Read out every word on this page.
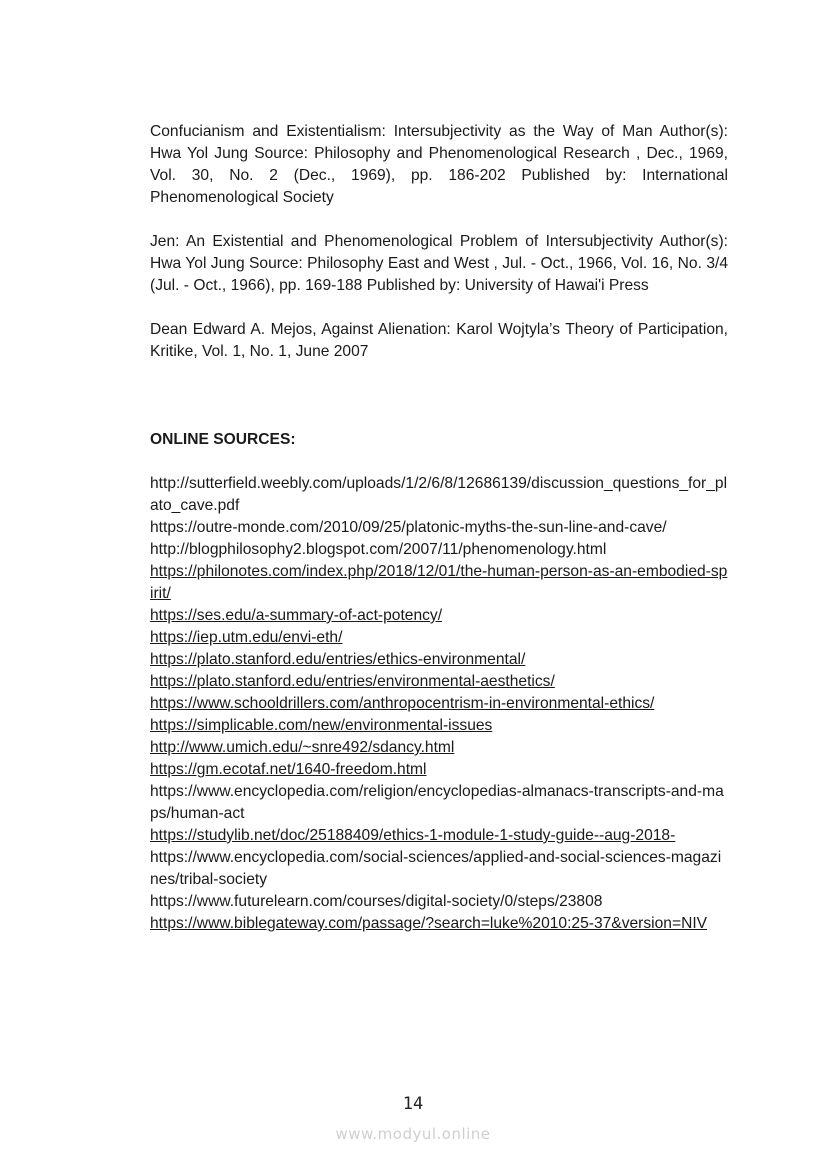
Confucianism and Existentialism: Intersubjectivity as the Way of Man Author(s): Hwa Yol Jung Source: Philosophy and Phenomenological Research , Dec., 1969, Vol. 30, No. 2 (Dec., 1969), pp. 186-202 Published by: International Phenomenological Society

Jen: An Existential and Phenomenological Problem of Intersubjectivity Author(s): Hwa Yol Jung Source: Philosophy East and West , Jul. - Oct., 1966, Vol. 16, No. 3/4 (Jul. - Oct., 1966), pp. 169-188 Published by: University of Hawai'i Press

Dean Edward A. Mejos, Against Alienation: Karol Wojtyla’s Theory of Participation, Kritike, Vol. 1, No. 1, June 2007

ONLINE SOURCES:
http://sutterfield.weebly.com/uploads/1/2/6/8/12686139/discussion_questions_for_plato_cave.pdf
https://outre-monde.com/2010/09/25/platonic-myths-the-sun-line-and-cave/
http://blogphilosophy2.blogspot.com/2007/11/phenomenology.html
https://philonotes.com/index.php/2018/12/01/the-human-person-as-an-embodied-spirit/
https://ses.edu/a-summary-of-act-potency/
https://iep.utm.edu/envi-eth/
https://plato.stanford.edu/entries/ethics-environmental/
https://plato.stanford.edu/entries/environmental-aesthetics/
https://www.schooldrillers.com/anthropocentrism-in-environmental-ethics/
https://simplicable.com/new/environmental-issues
http://www.umich.edu/~snre492/sdancy.html
https://gm.ecotaf.net/1640-freedom.html
https://www.encyclopedia.com/religion/encyclopedias-almanacs-transcripts-and-maps/human-act
https://studylib.net/doc/25188409/ethics-1-module-1-study-guide--aug-2018-
https://www.encyclopedia.com/social-sciences/applied-and-social-sciences-magazines/tribal-society
https://www.futurelearn.com/courses/digital-society/0/steps/23808
https://www.biblegateway.com/passage/?search=luke%2010:25-37&version=NIV
14
www.modyul.online
